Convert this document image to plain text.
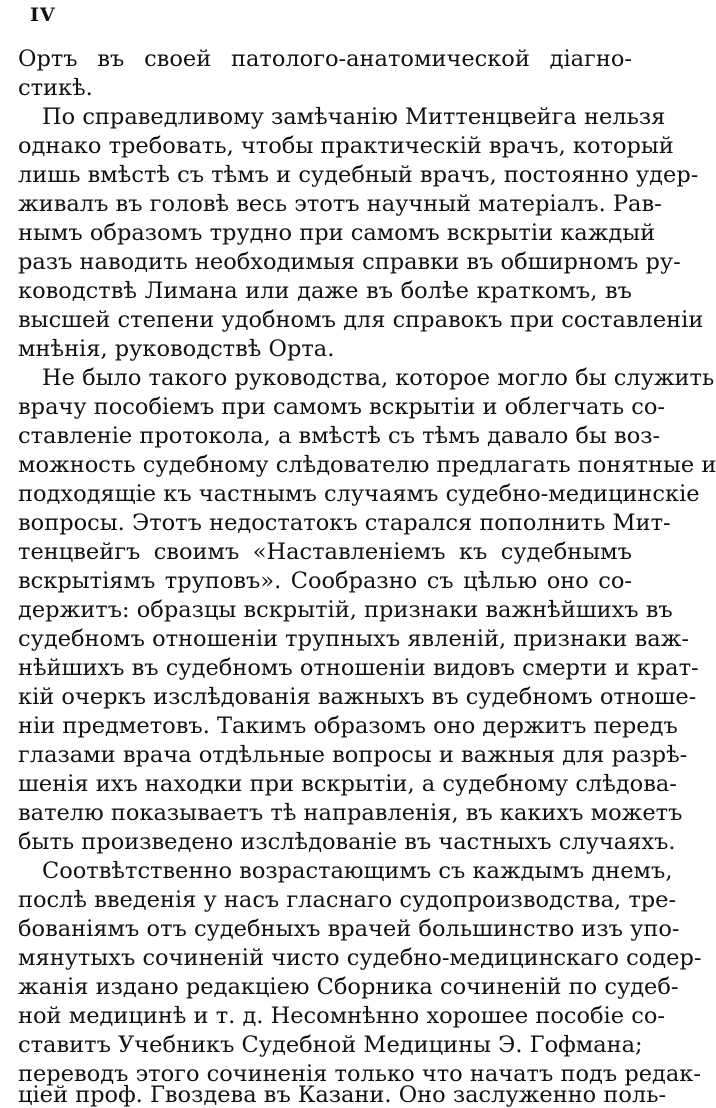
IV
Ортъ въ своей патолого-анатомической діагно-
стикѣ.
По справедливому замѣчанію Миттенцвейга нельзя
однако требовать, чтобы практическій врачъ, который
лишь вмѣстѣ съ тѣмъ и судебный врачъ, постоянно удер-
живалъ въ головѣ весь этотъ научный матеріалъ. Рав-
нымъ образомъ трудно при самомъ вскрытіи каждый
разъ наводить необходимыя справки въ обширномъ ру-
ководствѣ Лимана или даже въ болѣе краткомъ, въ
высшей степени удобномъ для справокъ при составленіи
мнѣнія, руководствѣ Орта.
Не было такого руководства, которое могло бы служить
врачу пособіемъ при самомъ вскрытіи и облегчать со-
ставленіе протокола, а вмѣстѣ съ тѣмъ давало бы воз-
можность судебному слѣдователю предлагать понятные и
подходящіе къ частнымъ случаямъ судебно-медицинскіе
вопросы. Этотъ недостатокъ старался пополнить Мит-
тенцвейгъ своимъ «Наставленіемъ къ судебнымъ
вскрытіямъ труповъ». Сообразно съ цѣлью оно со-
держитъ: образцы вскрытій, признаки важнѣйшихъ въ
судебномъ отношеніи трупныхъ явленій, признаки важ-
нѣйшихъ въ судебномъ отношеніи видовъ смерти и крат-
кій очеркъ изслѣдованія важныхъ въ судебномъ отноше-
ніи предметовъ. Такимъ образомъ оно держитъ передъ
глазами врача отдѣльные вопросы и важныя для разрѣ-
шенія ихъ находки при вскрытіи, а судебному слѣдова-
вателю показываетъ тѣ направленія, въ какихъ можетъ
быть произведено изслѣдованіе въ частныхъ случаяхъ.
Соотвѣтственно возрастающимъ съ каждымъ днемъ,
послѣ введенія у насъ гласнаго судопроизводства, тре-
бованіямъ отъ судебныхъ врачей большинство изъ упо-
мянутыхъ сочиненій чисто судебно-медицинскаго содер-
жанія издано редакціею Сборника сочиненій по судеб-
ной медицинѣ и т. д. Несомнѣнно хорошее пособіе со-
ставитъ Учебникъ Судебной Медицины Э. Гофмана;
переводъ этого сочиненія только что начатъ подъ редак-
ціей проф. Гвоздева въ Казани. Оно заслуженно поль-
